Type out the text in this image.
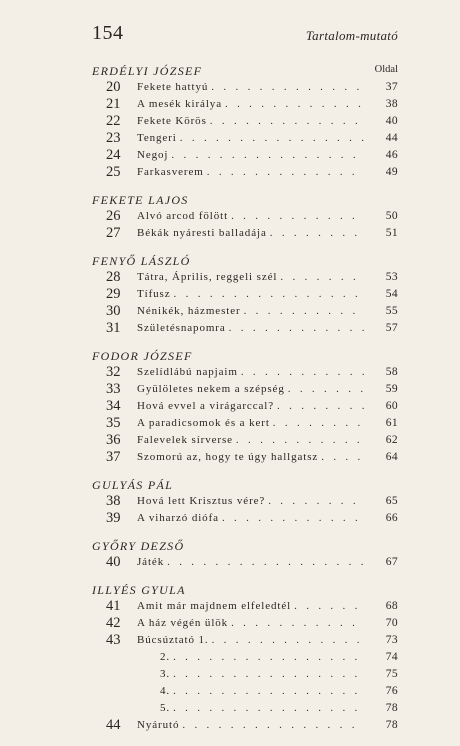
154	Tartalom-mutató
Oldal
ERDÉLYI JÓZSEF
20	Fekete hattyú . . .	37
21	A mesék királya . . .	38
22	Fekete Körös . . .	40
23	Tengeri . . .	44
24	Negoj . . .	46
25	Farkasverem . . .	49
FEKETE LAJOS
26	Alvó arcod fölött . . .	50
27	Békák nyáresti balladája . . .	51
FENYŐ LÁSZLÓ
28	Tátra, Április, reggeli szél . . .	53
29	Tífusz . . .	54
30	Nénikék, házmester . . .	55
31	Születésnapomra . . .	57
FODOR JÓZSEF
32	Szelídlábú napjaim . . .	58
33	Gyülöletes nekem a szépség . . .	59
34	Hová evvel a virágarccal? . . .	60
35	A paradicsomok és a kert . . .	61
36	Falevelek sírverse . . .	62
37	Szomorú az, hogy te úgy hallgatsz . . .	64
GULYÁS PÁL
38	Hová lett Krisztus vére? . . .	65
39	A viharzó diófa . . .	66
GYŐRY DEZSŐ
40	Játék . . .	67
ILLYÉS GYULA
41	Amit már majdnem elfeledtél . . .	68
42	A ház végén ülök . . .	70
43	Búcsúztató 1. . . .	73
2. . . .	74
3. . . .	75
4. . . .	76
5. . . .	78
44	Nyárutó . . .	78
